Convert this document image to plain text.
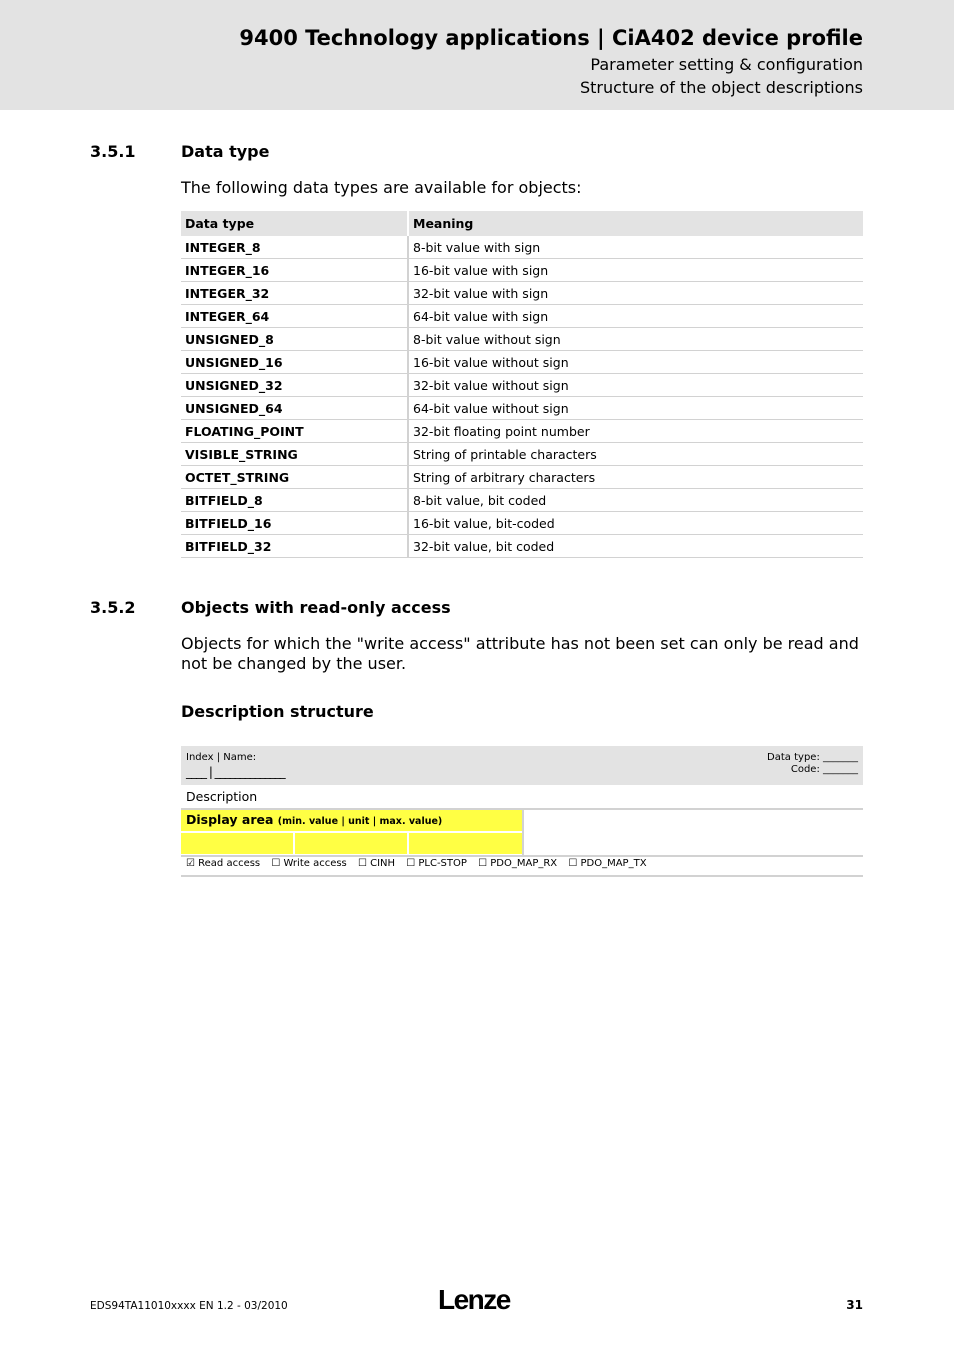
9400 Technology applications | CiA402 device profile
Parameter setting & configuration
Structure of the object descriptions
3.5.1	Data type
The following data types are available for objects:
Data type	Meaning
INTEGER_8	8-bit value with sign
INTEGER_16	16-bit value with sign
INTEGER_32	32-bit value with sign
INTEGER_64	64-bit value with sign
UNSIGNED_8	8-bit value without sign
UNSIGNED_16	16-bit value without sign
UNSIGNED_32	32-bit value without sign
UNSIGNED_64	64-bit value without sign
FLOATING_POINT	32-bit floating point number
VISIBLE_STRING	String of printable characters
OCTET_STRING	String of arbitrary characters
BITFIELD_8	8-bit value, bit coded
BITFIELD_16	16-bit value, bit-coded
BITFIELD_32	32-bit value, bit coded
3.5.2	Objects with read-only access
Objects for which the "write access" attribute has not been set can only be read and not be changed by the user.
Description structure
Index | Name:
____ | ______________
Data type: _______
Code: _______
Description
Display area (min. value | unit | max. value)
☑ Read access ☐ Write access ☐ CINH ☐ PLC-STOP ☐ PDO_MAP_RX ☐ PDO_MAP_TX
EDS94TA11010xxxx EN 1.2 - 03/2010	Lenze	31
